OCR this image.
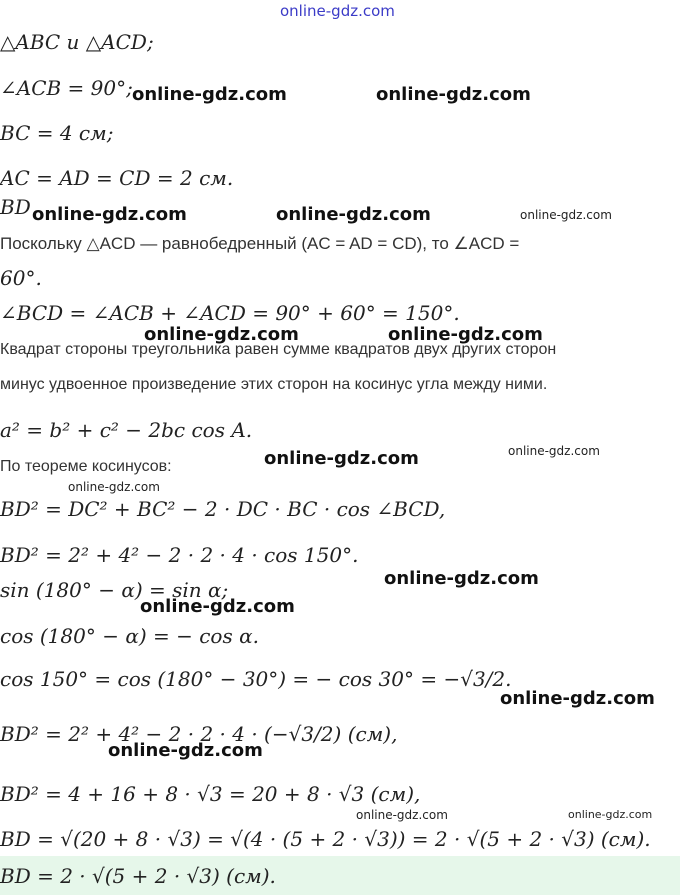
online-gdz.com
△ABC и △ACD;
∠ACB = 90°;
BC = 4 см;
AC = AD = CD = 2 см.
BD
Поскольку △ACD — равнобедренный (AC = AD = CD), то ∠ACD =
60°.
∠BCD = ∠ACB + ∠ACD = 90° + 60° = 150°.
Квадрат стороны треугольника равен сумме квадратов двух других сторон
минус удвоенное произведение этих сторон на косинус угла между ними.
a² = b² + c² − 2bc cos A.
По теореме косинусов:
BD² = DC² + BC² − 2 · DC · BC · cos ∠BCD,
BD² = 2² + 4² − 2 · 2 · 4 · cos 150°.
sin (180° − α) = sin α;
cos (180° − α) = − cos α.
cos 150° = cos (180° − 30°) = − cos 30° = −√3/2.
BD² = 2² + 4² − 2 · 2 · 4 · (−√3/2) (см),
BD² = 4 + 16 + 8 · √3 = 20 + 8 · √3 (см),
BD = √(20 + 8 · √3) = √(4 · (5 + 2 · √3)) = 2 · √(5 + 2 · √3) (см).
BD = 2 · √(5 + 2 · √3) (см).
online-gdz.com	online-gdz.com
online-gdz.com	online-gdz.com	online-gdz.com
online-gdz.com	online-gdz.com
online-gdz.com	online-gdz.com
online-gdz.com
online-gdz.com
online-gdz.com
online-gdz.com
online-gdz.com
online-gdz.com	online-gdz.com
